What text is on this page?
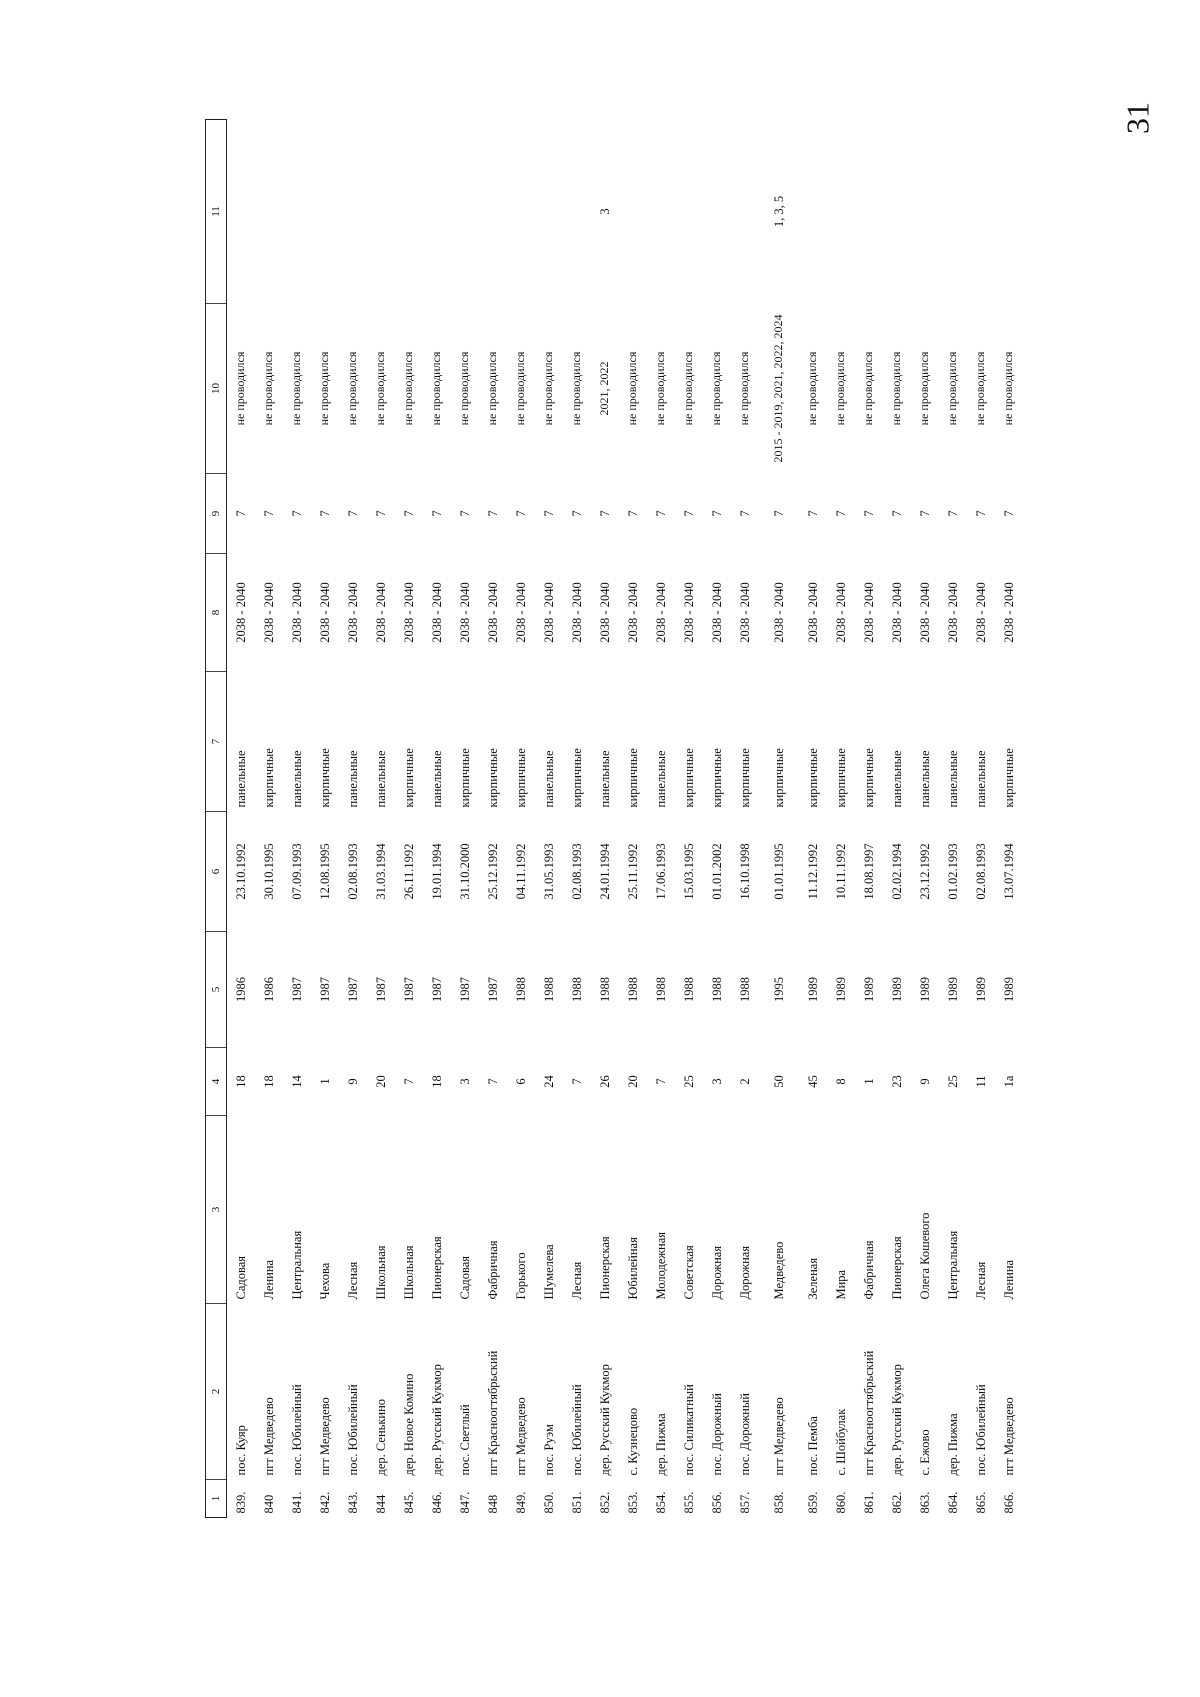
31
1	2	3	4	5	6	7	8	9	10	11
839.	пос. Куяр	Садовая	18	1986	23.10.1992	панельные	2038 - 2040	7	не проводился	
840	пгт Медведево	Ленина	18	1986	30.10.1995	кирпичные	2038 - 2040	7	не проводился	
841.	пос. Юбилейный	Центральная	14	1987	07.09.1993	панельные	2038 - 2040	7	не проводился	
842.	пгт Медведево	Чехова	1	1987	12.08.1995	кирпичные	2038 - 2040	7	не проводился	
843.	пос. Юбилейный	Лесная	9	1987	02.08.1993	панельные	2038 - 2040	7	не проводился	
844	дер. Сенькино	Школьная	20	1987	31.03.1994	панельные	2038 - 2040	7	не проводился	
845.	дер. Новое Комино	Школьная	7	1987	26.11.1992	кирпичные	2038 - 2040	7	не проводился	
846.	дер. Русский Кукмор	Пионерская	18	1987	19.01.1994	панельные	2038 - 2040	7	не проводился	
847.	пос. Светлый	Садовая	3	1987	31.10.2000	кирпичные	2038 - 2040	7	не проводился	
848	пгт Красноогтябрьский	Фабричная	7	1987	25.12.1992	кирпичные	2038 - 2040	7	не проводился	
849.	пгт Медведево	Горького	6	1988	04.11.1992	кирпичные	2038 - 2040	7	не проводился	
850.	пос. Руэм	Шумелева	24	1988	31.05.1993	панельные	2038 - 2040	7	не проводился	
851.	пос. Юбилейный	Лесная	7	1988	02.08.1993	кирпичные	2038 - 2040	7	не проводился	
852.	дер. Русский Кукмор	Пионерская	26	1988	24.01.1994	панельные	2038 - 2040	7	2021, 2022	3
853.	с. Кузнецово	Юбилейная	20	1988	25.11.1992	кирпичные	2038 - 2040	7	не проводился	
854.	дер. Пижма	Молодежная	7	1988	17.06.1993	панельные	2038 - 2040	7	не проводился	
855.	пос. Силикатный	Советская	25	1988	15.03.1995	кирпичные	2038 - 2040	7	не проводился	
856.	пос. Дорожный	Дорожная	3	1988	01.01.2002	кирпичные	2038 - 2040	7	не проводился	
857.	пос. Дорожный	Дорожная	2	1988	16.10.1998	кирпичные	2038 - 2040	7	не проводился	
858.	пгт Медведево	Медведево	50	1995	01.01.1995	кирпичные	2038 - 2040	7	2015 - 2019, 2021, 2022, 2024	1, 3, 5
859.	пос. Пемба	Зеленая	45	1989	11.12.1992	кирпичные	2038 - 2040	7	не проводился	
860.	с. Шойбулак	Мира	8	1989	10.11.1992	кирпичные	2038 - 2040	7	не проводился	
861.	пгт Красноогтябрьский	Фабричная	1	1989	18.08.1997	кирпичные	2038 - 2040	7	не проводился	
862.	дер. Русский Кукмор	Пионерская	23	1989	02.02.1994	панельные	2038 - 2040	7	не проводился	
863.	с. Ежово	Олега Кошевого	9	1989	23.12.1992	панельные	2038 - 2040	7	не проводился	
864.	дер. Пижма	Центральная	25	1989	01.02.1993	панельные	2038 - 2040	7	не проводился	
865.	пос. Юбилейный	Лесная	11	1989	02.08.1993	панельные	2038 - 2040	7	не проводился	
866.	пгт Медведево	Ленина	1а	1989	13.07.1994	кирпичные	2038 - 2040	7	не проводился	
